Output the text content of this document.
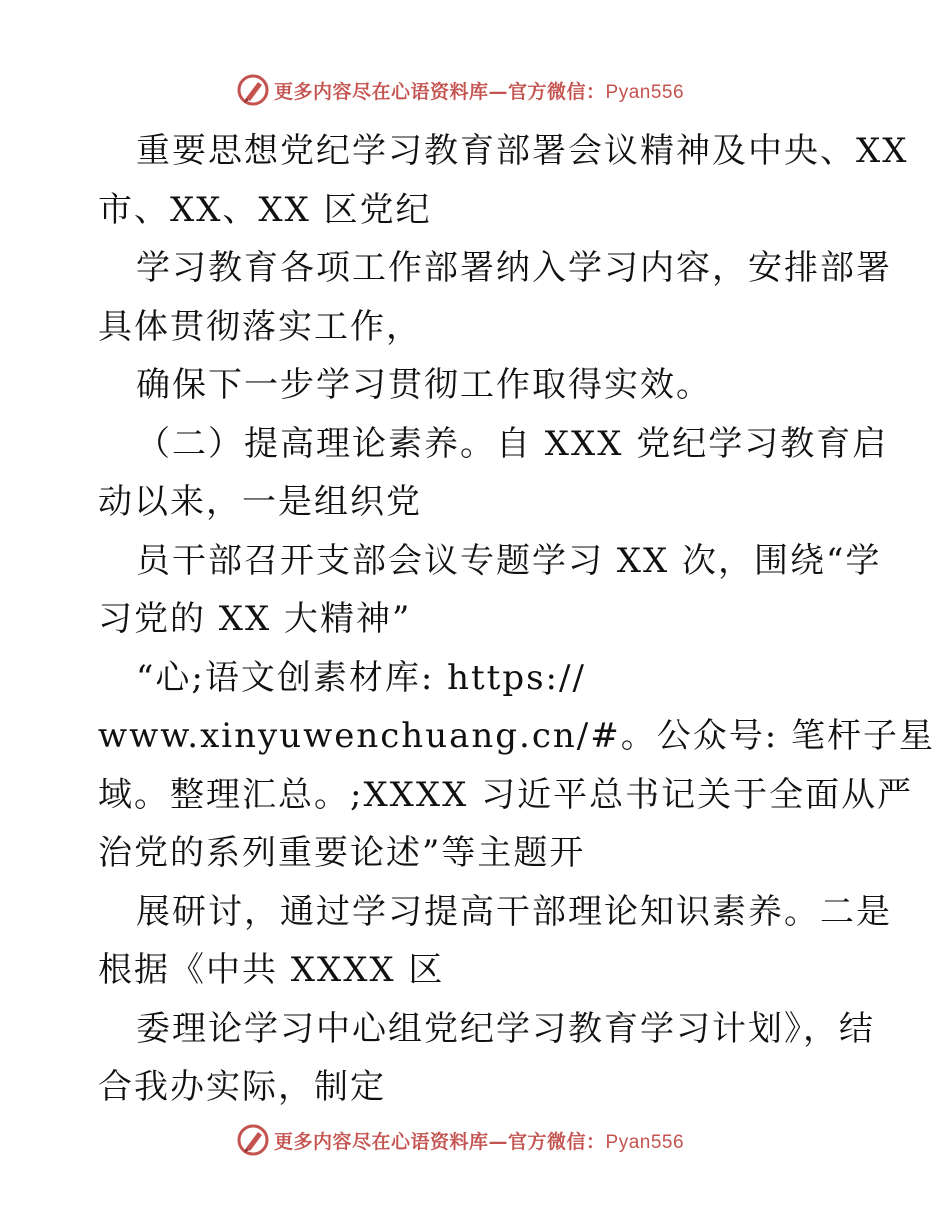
更多内容尽在心语资料库—官方微信：Pyan556

重要思想党纪学习教育部署会议精神及中央、XX

市、XX、XX 区党纪

学习教育各项工作部署纳入学习内容，安排部署

具体贯彻落实工作，

确保下一步学习贯彻工作取得实效。

（二）提高理论素养。自 XXX 党纪学习教育启

动以来，一是组织党

员干部召开支部会议专题学习 XX 次，围绕“学

习党的 XX 大精神”

“心;语文创素材库: https://

www.xinyuwenchuang.cn/#。公众号: 笔杆子星

域。整理汇总。;XXXX 习近平总书记关于全面从严

治党的系列重要论述”等主题开

展研讨，通过学习提高干部理论知识素养。二是

根据《中共 XXXX 区

委理论学习中心组党纪学习教育学习计划》，结

合我办实际，制定

更多内容尽在心语资料库—官方微信：Pyan556
